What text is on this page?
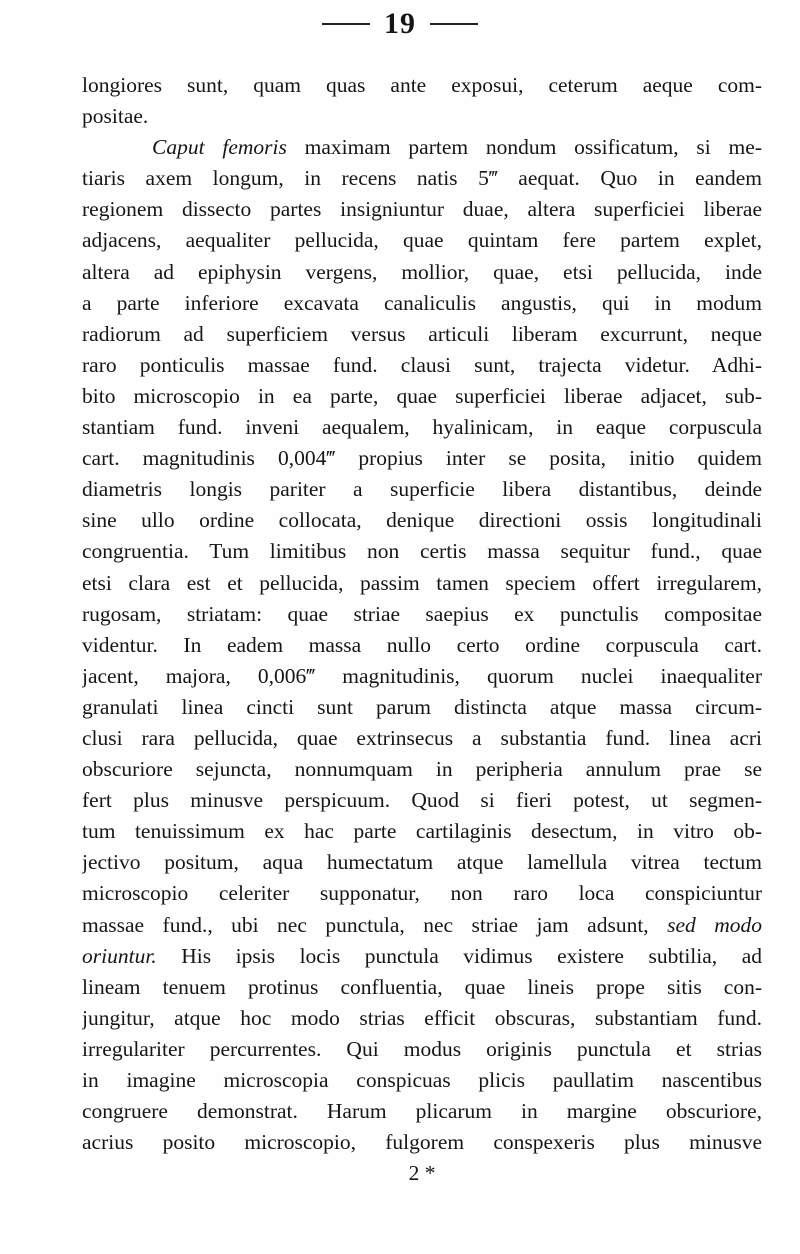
19
longiores sunt, quam quas ante exposui, ceterum aeque com-
positae.
Caput femoris maximam partem nondum ossificatum, si me-
tiaris axem longum, in recens natis 5‴ aequat. Quo in eandem
regionem dissecto partes insigniuntur duae, altera superficiei liberae
adjacens, aequaliter pellucida, quae quintam fere partem explet,
altera ad epiphysin vergens, mollior, quae, etsi pellucida, inde
a parte inferiore excavata canaliculis angustis, qui in modum
radiorum ad superficiem versus articuli liberam excurrunt, neque
raro ponticulis massae fund. clausi sunt, trajecta videtur. Adhi-
bito microscopio in ea parte, quae superficiei liberae adjacet, sub-
stantiam fund. inveni aequalem, hyalinicam, in eaque corpuscula
cart. magnitudinis 0,004‴ propius inter se posita, initio quidem
diametris longis pariter a superficie libera distantibus, deinde
sine ullo ordine collocata, denique directioni ossis longitudinali
congruentia. Tum limitibus non certis massa sequitur fund., quae
etsi clara est et pellucida, passim tamen speciem offert irregularem,
rugosam, striatam: quae striae saepius ex punctulis compositae
videntur. In eadem massa nullo certo ordine corpuscula cart.
jacent, majora, 0,006‴ magnitudinis, quorum nuclei inaequaliter
granulati linea cincti sunt parum distincta atque massa circum-
clusi rara pellucida, quae extrinsecus a substantia fund. linea acri
obscuriore sejuncta, nonnumquam in peripheria annulum prae se
fert plus minusve perspicuum. Quod si fieri potest, ut segmen-
tum tenuissimum ex hac parte cartilaginis desectum, in vitro ob-
jectivo positum, aqua humectatum atque lamellula vitrea tectum
microscopio celeriter supponatur, non raro loca conspiciuntur
massae fund., ubi nec punctula, nec striae jam adsunt, sed modo
oriuntur. His ipsis locis punctula vidimus existere subtilia, ad
lineam tenuem protinus confluentia, quae lineis prope sitis con-
jungitur, atque hoc modo strias efficit obscuras, substantiam fund.
irregulariter percurrentes. Qui modus originis punctula et strias
in imagine microscopia conspicuas plicis paullatim nascentibus
congruere demonstrat. Harum plicarum in margine obscuriore,
acrius posito microscopio, fulgorem conspexeris plus minusve
2 *
